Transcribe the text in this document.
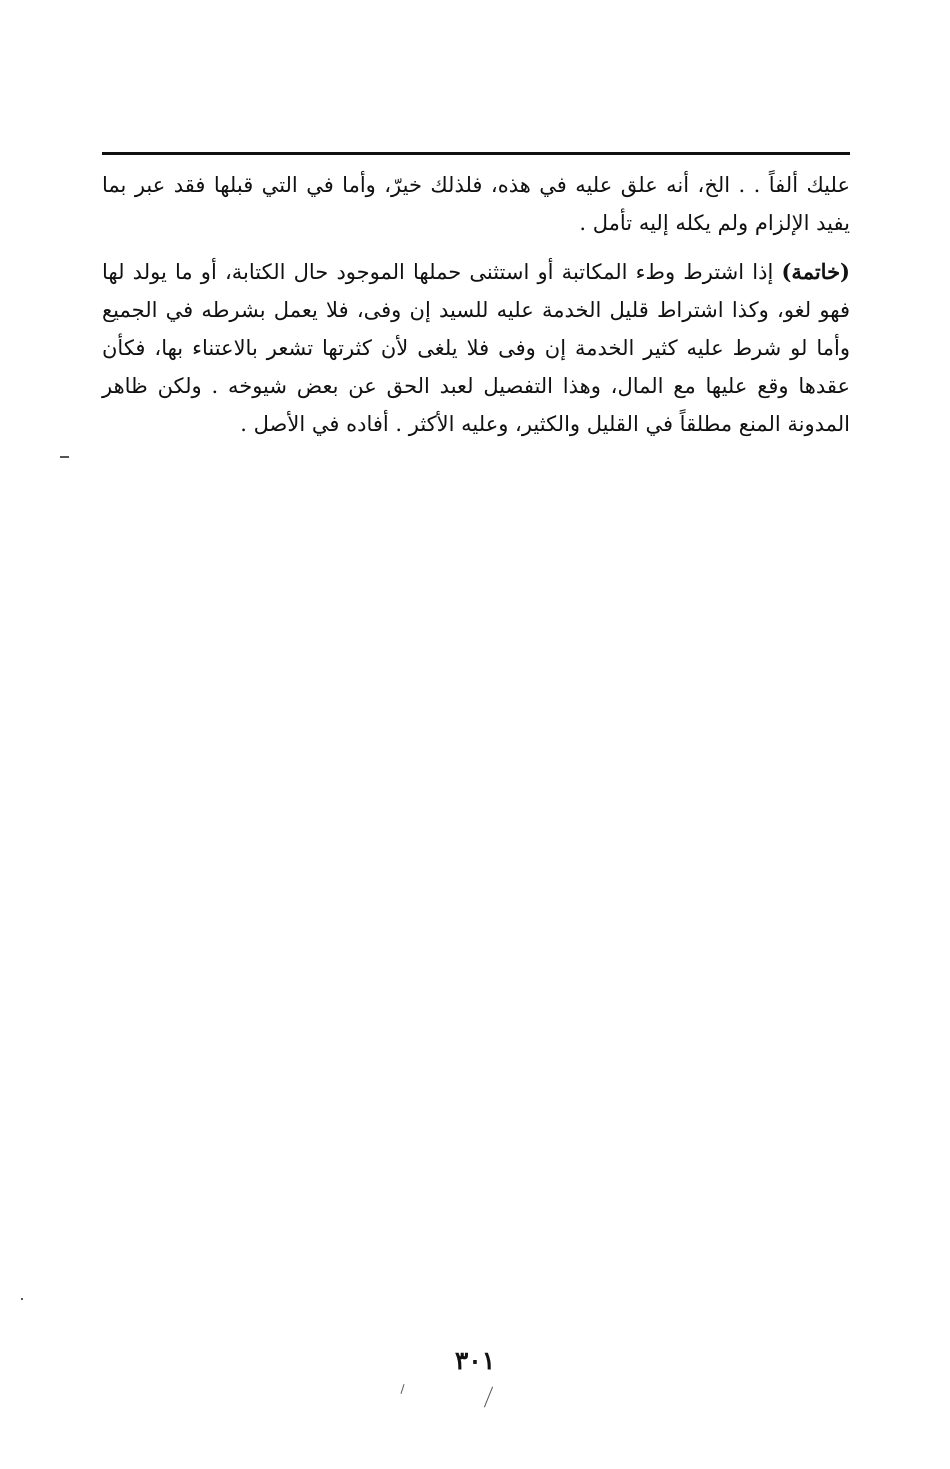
عليك ألفاً . . الخ، أنه علق عليه في هذه، فلذلك خيرّ، وأما في التي قبلها فقد عبر بما يفيد الإلزام ولم يكله إليه تأمل .

(خاتمة) إذا اشترط وطء المكاتبة أو استثنى حملها الموجود حال الكتابة، أو ما يولد لها فهو لغو، وكذا اشتراط قليل الخدمة عليه للسيد إن وفى، فلا يعمل بشرطه في الجميع وأما لو شرط عليه كثير الخدمة إن وفى فلا يلغى لأن كثرتها تشعر بالاعتناء بها، فكأن عقدها وقع عليها مع المال، وهذا التفصيل لعبد الحق عن بعض شيوخه . ولكن ظاهر المدونة المنع مطلقاً في القليل والكثير، وعليه الأكثر . أفاده في الأصل .

٣٠١
